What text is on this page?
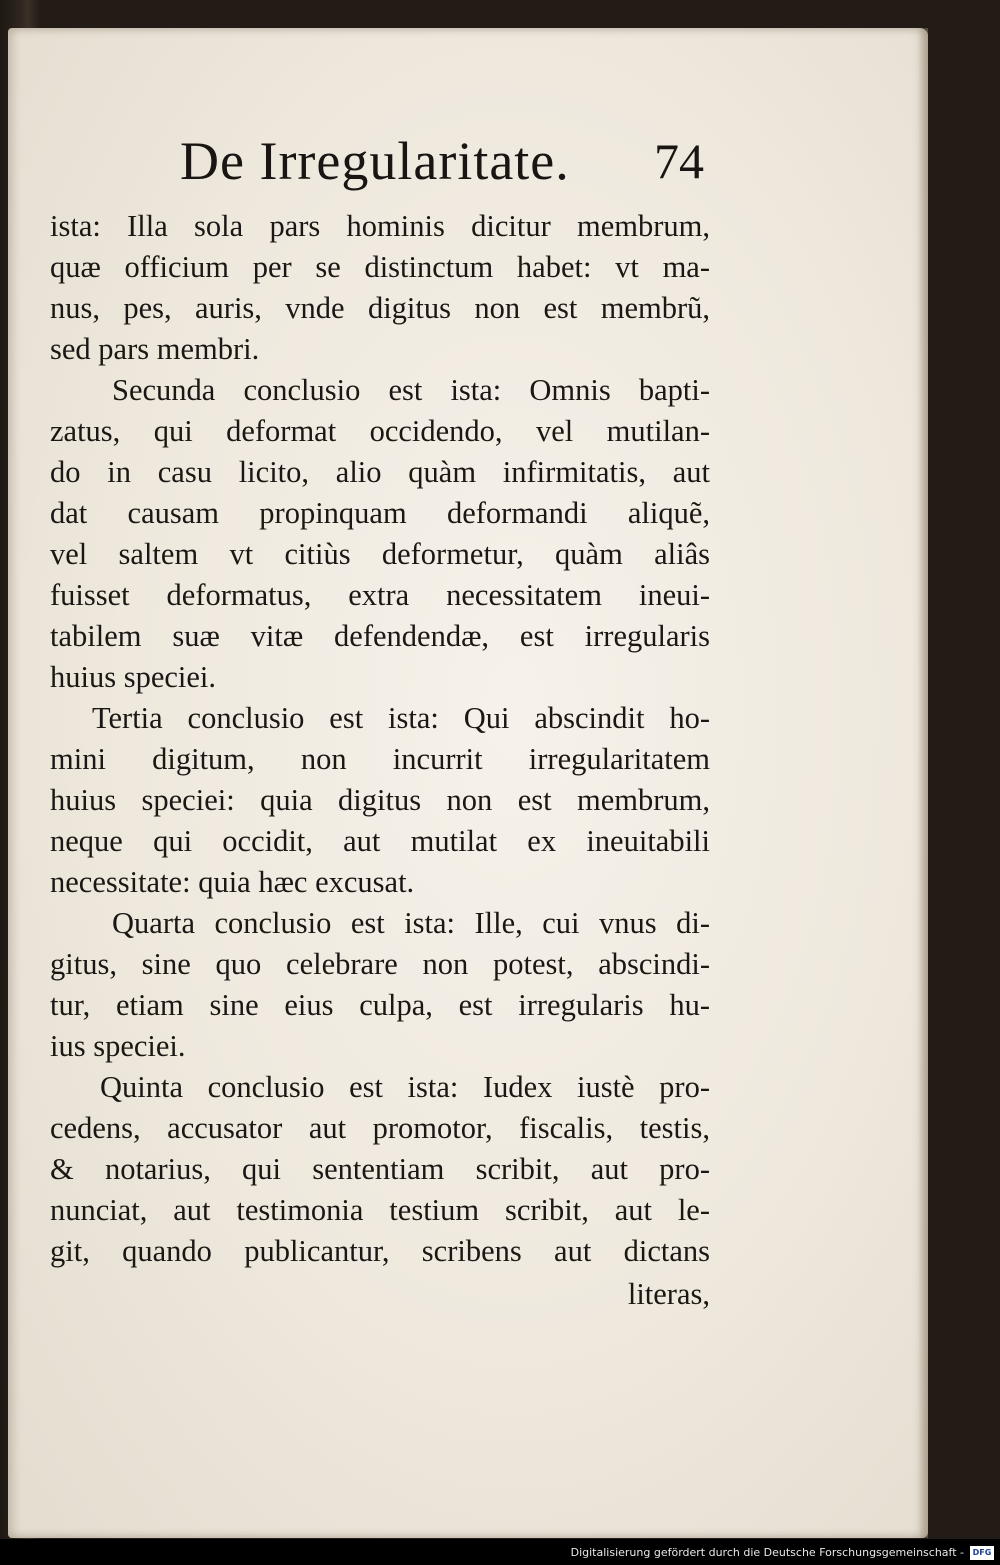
De Irregularitate. 74
ista: Illa sola pars hominis dicitur membrum,
quæ officium per se distinctum habet: vt ma-
nus, pes, auris, vnde digitus non est membrũ,
sed pars membri.
Secunda conclusio est ista: Omnis bapti-
zatus, qui deformat occidendo, vel mutilan-
do in casu licito, alio quàm infirmitatis, aut
dat causam propinquam deformandi aliquẽ,
vel saltem vt citiùs deformetur, quàm aliâs
fuisset deformatus, extra necessitatem ineui-
tabilem suæ vitæ defendendæ, est irregularis
huius speciei.
Tertia conclusio est ista: Qui abscindit ho-
mini digitum, non incurrit irregularitatem
huius speciei: quia digitus non est membrum,
neque qui occidit, aut mutilat ex ineuitabili
necessitate: quia hæc excusat.
Quarta conclusio est ista: Ille, cui vnus di-
gitus, sine quo celebrare non potest, abscindi-
tur, etiam sine eius culpa, est irregularis hu-
ius speciei.
Quinta conclusio est ista: Iudex iustè pro-
cedens, accusator aut promotor, fiscalis, testis,
& notarius, qui sententiam scribit, aut pro-
nunciat, aut testimonia testium scribit, aut le-
git, quando publicantur, scribens aut dictans
literas,
Digitalisierung gefördert durch die Deutsche Forschungsgemeinschaft -	DFG
